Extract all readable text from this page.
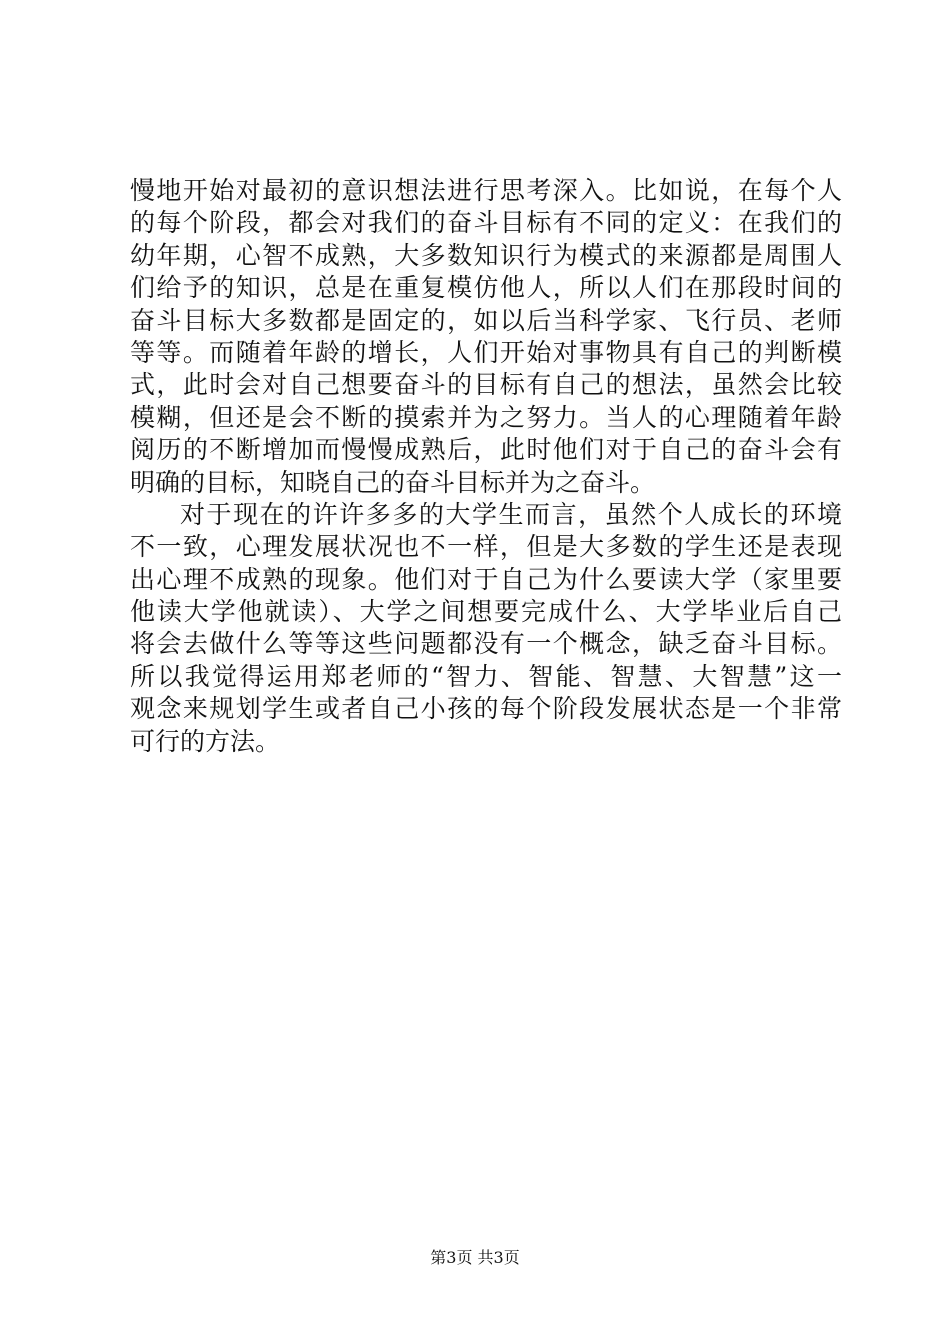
慢地开始对最初的意识想法进行思考深入。比如说，在每个人
的每个阶段，都会对我们的奋斗目标有不同的定义：在我们的
幼年期，心智不成熟，大多数知识行为模式的来源都是周围人
们给予的知识，总是在重复模仿他人，所以人们在那段时间的
奋斗目标大多数都是固定的，如以后当科学家、飞行员、老师
等等。而随着年龄的增长，人们开始对事物具有自己的判断模
式，此时会对自己想要奋斗的目标有自己的想法，虽然会比较
模糊，但还是会不断的摸索并为之努力。当人的心理随着年龄
阅历的不断增加而慢慢成熟后，此时他们对于自己的奋斗会有
明确的目标，知晓自己的奋斗目标并为之奋斗。
对于现在的许许多多的大学生而言，虽然个人成长的环境
不一致，心理发展状况也不一样，但是大多数的学生还是表现
出心理不成熟的现象。他们对于自己为什么要读大学（家里要
他读大学他就读）、大学之间想要完成什么、大学毕业后自己
将会去做什么等等这些问题都没有一个概念，缺乏奋斗目标。
所以我觉得运用郑老师的“智力、智能、智慧、大智慧”这一
观念来规划学生或者自己小孩的每个阶段发展状态是一个非常
可行的方法。
第3页 共3页
